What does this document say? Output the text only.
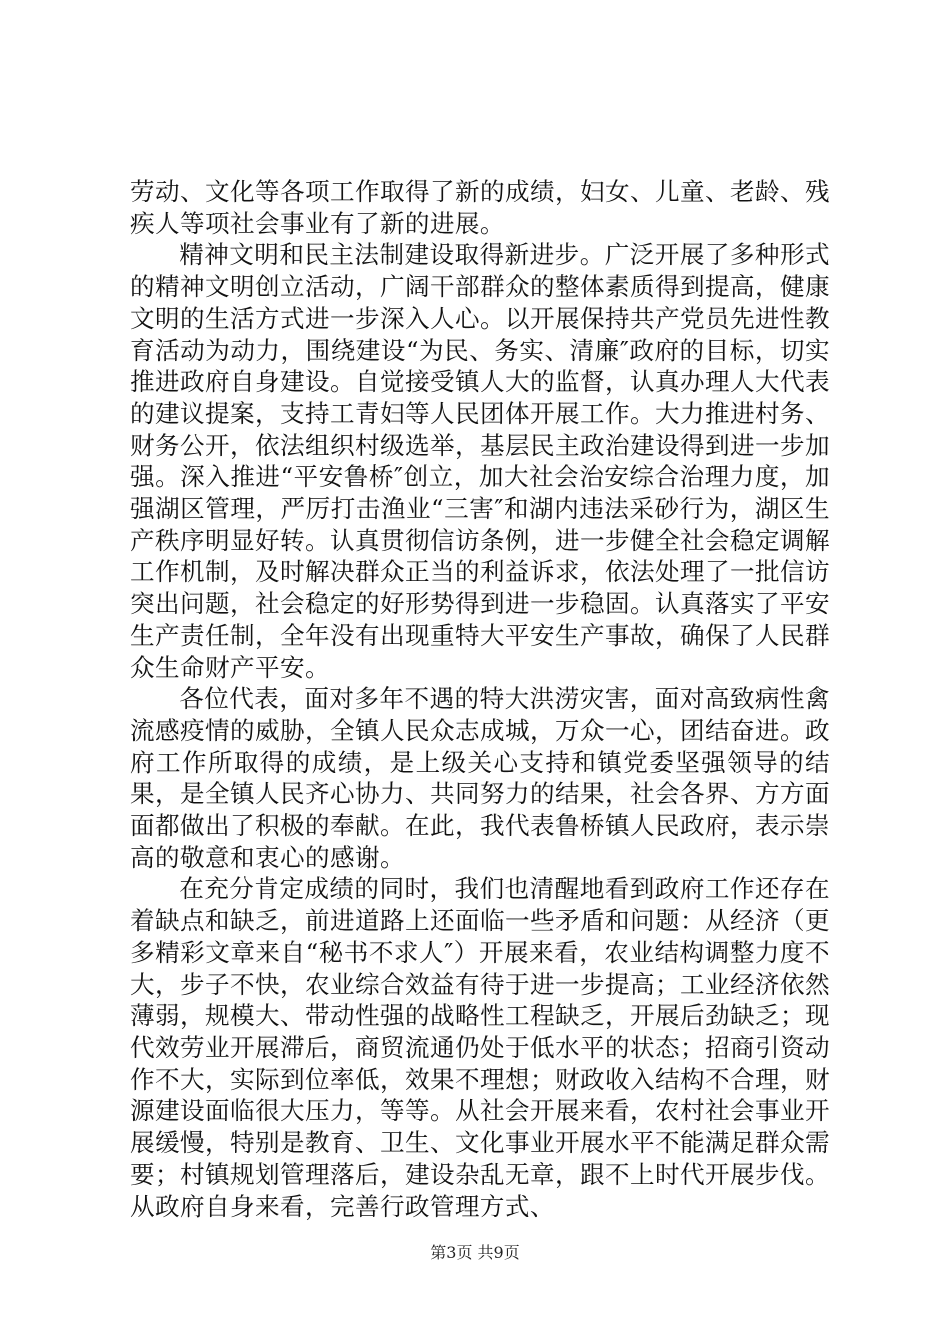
劳动、文化等各项工作取得了新的成绩，妇女、儿童、老龄、残疾人等项社会事业有了新的进展。

精神文明和民主法制建设取得新进步。广泛开展了多种形式的精神文明创立活动，广阔干部群众的整体素质得到提高，健康文明的生活方式进一步深入人心。以开展保持共产党员先进性教育活动为动力，围绕建设“为民、务实、清廉″政府的目标，切实推进政府自身建设。自觉接受镇人大的监督，认真办理人大代表的建议提案，支持工青妇等人民团体开展工作。大力推进村务、财务公开，依法组织村级选举，基层民主政治建设得到进一步加强。深入推进“平安鲁桥″创立，加大社会治安综合治理力度，加强湖区管理，严厉打击渔业“三害″和湖内违法采砂行为，湖区生产秩序明显好转。认真贯彻信访条例，进一步健全社会稳定调解工作机制，及时解决群众正当的利益诉求，依法处理了一批信访突出问题，社会稳定的好形势得到进一步稳固。认真落实了平安生产责任制，全年没有出现重特大平安生产事故，确保了人民群众生命财产平安。

各位代表，面对多年不遇的特大洪涝灾害，面对高致病性禽流感疫情的威胁，全镇人民众志成城，万众一心，团结奋进。政府工作所取得的成绩，是上级关心支持和镇党委坚强领导的结果，是全镇人民齐心协力、共同努力的结果，社会各界、方方面面都做出了积极的奉献。在此，我代表鲁桥镇人民政府，表示崇高的敬意和衷心的感谢。

在充分肯定成绩的同时，我们也清醒地看到政府工作还存在着缺点和缺乏，前进道路上还面临一些矛盾和问题：从经济（更多精彩文章来自“秘书不求人″）开展来看，农业结构调整力度不大，步子不快，农业综合效益有待于进一步提高；工业经济依然薄弱，规模大、带动性强的战略性工程缺乏，开展后劲缺乏；现代效劳业开展滞后，商贸流通仍处于低水平的状态；招商引资动作不大，实际到位率低，效果不理想；财政收入结构不合理，财源建设面临很大压力，等等。从社会开展来看，农村社会事业开展缓慢，特别是教育、卫生、文化事业开展水平不能满足群众需要；村镇规划管理落后，建设杂乱无章，跟不上时代开展步伐。从政府自身来看，完善行政管理方式、

第3页 共9页
